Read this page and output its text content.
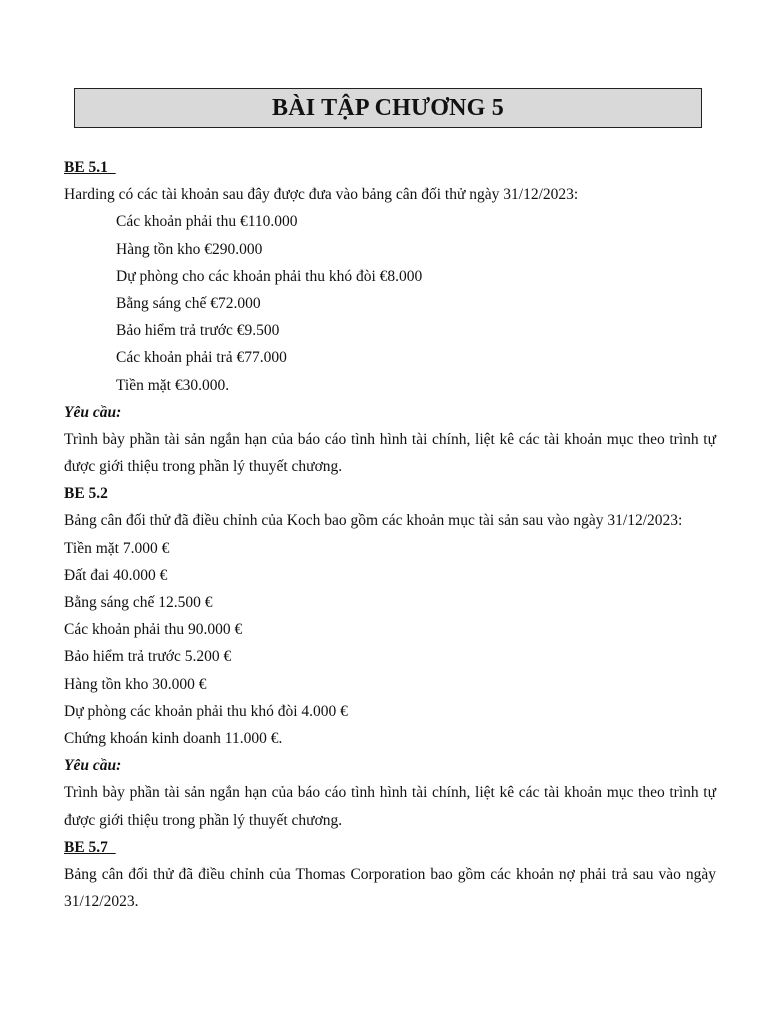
BÀI TẬP CHƯƠNG 5
BE 5.1
Harding có các tài khoản sau đây được đưa vào bảng cân đối thử ngày 31/12/2023:
Các khoản phải thu €110.000
Hàng tồn kho €290.000
Dự phòng cho các khoản phải thu khó đòi €8.000
Bằng sáng chế €72.000
Bảo hiểm trả trước €9.500
Các khoản phải trả €77.000
Tiền mặt €30.000.
Yêu cầu:
Trình bày phần tài sản ngắn hạn của báo cáo tình hình tài chính, liệt kê các tài khoản mục theo trình tự được giới thiệu trong phần lý thuyết chương.
BE 5.2
Bảng cân đối thử đã điều chỉnh của Koch bao gồm các khoản mục tài sản sau vào ngày 31/12/2023:
Tiền mặt 7.000 €
Đất đai 40.000 €
Bằng sáng chế 12.500 €
Các khoản phải thu 90.000 €
Bảo hiểm trả trước 5.200 €
Hàng tồn kho 30.000 €
Dự phòng các khoản phải thu khó đòi 4.000 €
Chứng khoán kinh doanh 11.000 €.
Yêu cầu:
Trình bày phần tài sản ngắn hạn của báo cáo tình hình tài chính, liệt kê các tài khoản mục theo trình tự được giới thiệu trong phần lý thuyết chương.
BE 5.7
Bảng cân đối thử đã điều chỉnh của Thomas Corporation bao gồm các khoản nợ phải trả sau vào ngày 31/12/2023.
